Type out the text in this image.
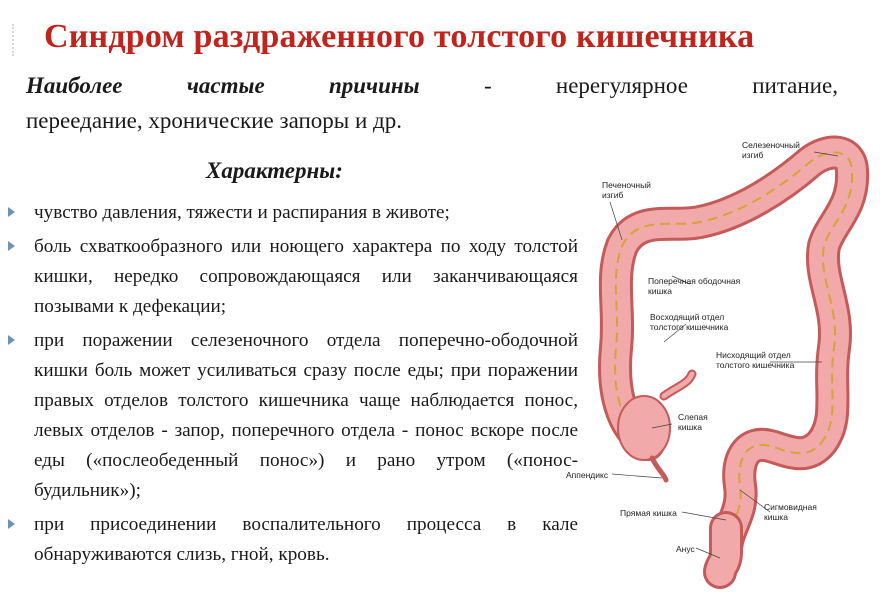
Синдром раздраженного толстого кишечника
Наиболее	частые	причины	-	нерегулярное	питание,
переедание, хронические запоры и др.
Характерны:
чувство давления, тяжести и распирания в животе;
боль схваткообразного или ноющего характера по ходу толстой кишки, нередко сопровождающаяся или заканчивающаяся позывами к дефекации;
при поражении селезеночного отдела поперечно-ободочной кишки боль может усиливаться сразу после еды; при поражении правых отделов толстого кишечника чаще наблюдается понос, левых отделов - запор, поперечного отдела - понос вскоре после еды («послеобеденный понос») и рано утром («понос-будильник»);
при присоединении воспалительного процесса в кале обнаруживаются слизь, гной, кровь.
Селезеночный изгиб
Печеночный изгиб
Поперечная ободочная кишка
Восходящий отдел толстого кишечника
Нисходящий отдел толстого кишечника
Слепая кишка
Аппендикс
Прямая кишка
Сигмовидная кишка
Анус
